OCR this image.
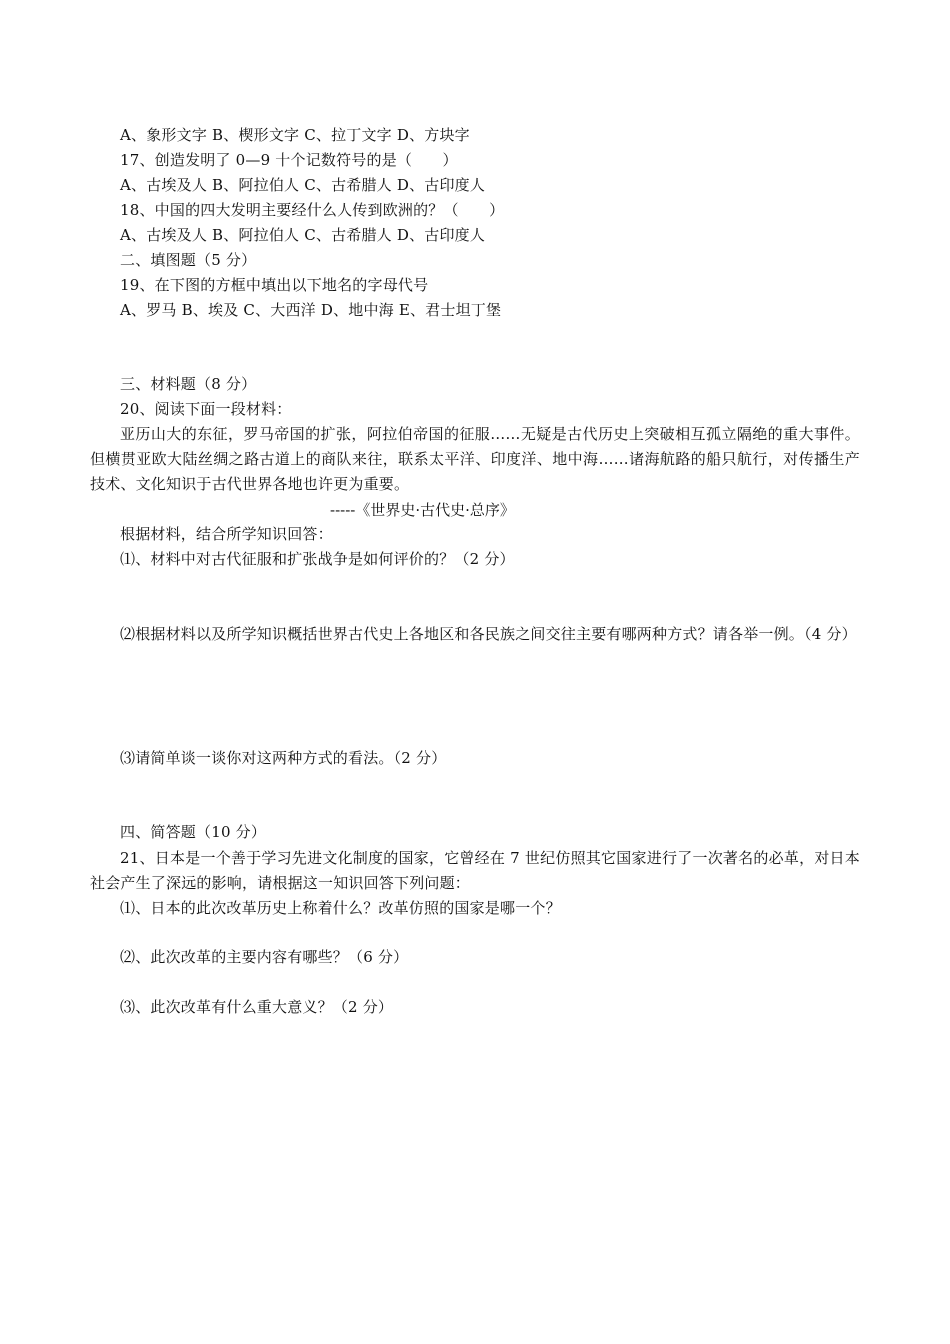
A、象形文字 B、楔形文字 C、拉丁文字 D、方块字
17、创造发明了 0—9 十个记数符号的是（　　）
A、古埃及人 B、阿拉伯人 C、古希腊人 D、古印度人
18、中国的四大发明主要经什么人传到欧洲的？（　　）
A、古埃及人 B、阿拉伯人 C、古希腊人 D、古印度人
二、填图题（5 分）
19、在下图的方框中填出以下地名的字母代号
A、罗马 B、埃及 C、大西洋 D、地中海 E、君士坦丁堡
三、材料题（8 分）
20、阅读下面一段材料：
亚历山大的东征，罗马帝国的扩张，阿拉伯帝国的征服……无疑是古代历史上突破相互孤立隔绝的重大事件。但横贯亚欧大陆丝绸之路古道上的商队来往，联系太平洋、印度洋、地中海……诸海航路的船只航行，对传播生产技术、文化知识于古代世界各地也许更为重要。
-----《世界史·古代史·总序》
根据材料，结合所学知识回答：
⑴、材料中对古代征服和扩张战争是如何评价的？（2 分）
⑵根据材料以及所学知识概括世界古代史上各地区和各民族之间交往主要有哪两种方式？请各举一例。（4 分）
⑶请简单谈一谈你对这两种方式的看法。（2 分）
四、简答题（10 分）
21、日本是一个善于学习先进文化制度的国家，它曾经在 7 世纪仿照其它国家进行了一次著名的必革，对日本社会产生了深远的影响，请根据这一知识回答下列问题：
⑴、日本的此次改革历史上称着什么？改革仿照的国家是哪一个？
⑵、此次改革的主要内容有哪些？（6 分）
⑶、此次改革有什么重大意义？（2 分）
